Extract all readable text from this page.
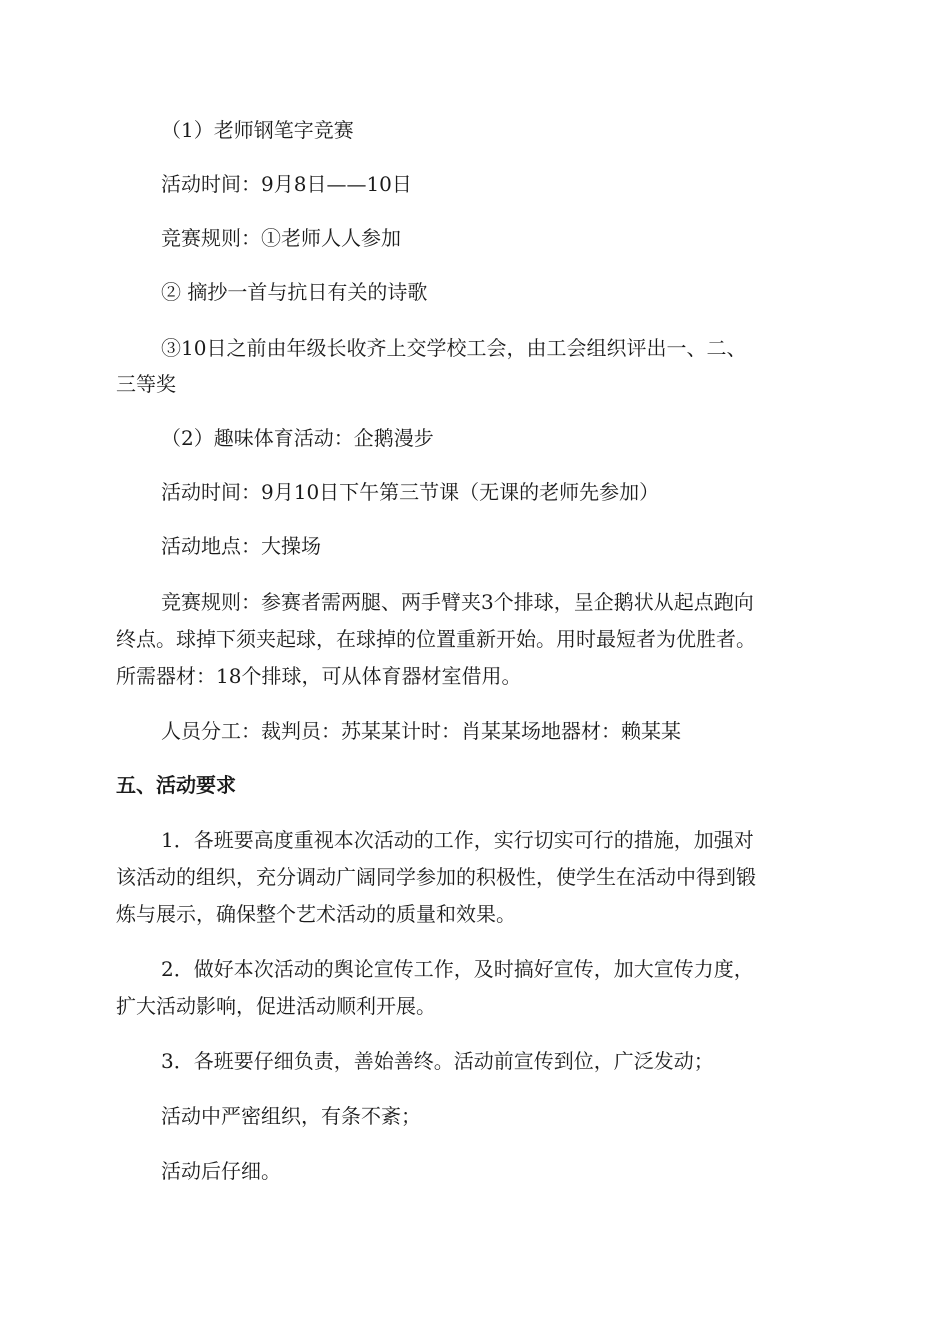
（1）老师钢笔字竞赛
活动时间：9月8日——10日
竞赛规则：①老师人人参加
② 摘抄一首与抗日有关的诗歌
③10日之前由年级长收齐上交学校工会，由工会组织评出一、二、
三等奖
（2）趣味体育活动：企鹅漫步
活动时间：9月10日下午第三节课（无课的老师先参加）
活动地点：大操场
竞赛规则：参赛者需两腿、两手臂夹3个排球，呈企鹅状从起点跑向
终点。球掉下须夹起球，在球掉的位置重新开始。用时最短者为优胜者。
所需器材：18个排球，可从体育器材室借用。
人员分工：裁判员：苏某某计时：肖某某场地器材：赖某某
五、活动要求
1．各班要高度重视本次活动的工作，实行切实可行的措施，加强对
该活动的组织，充分调动广阔同学参加的积极性，使学生在活动中得到锻
炼与展示，确保整个艺术活动的质量和效果。
2．做好本次活动的舆论宣传工作，及时搞好宣传，加大宣传力度，
扩大活动影响，促进活动顺利开展。
3．各班要仔细负责，善始善终。活动前宣传到位，广泛发动；
活动中严密组织，有条不紊；
活动后仔细。
